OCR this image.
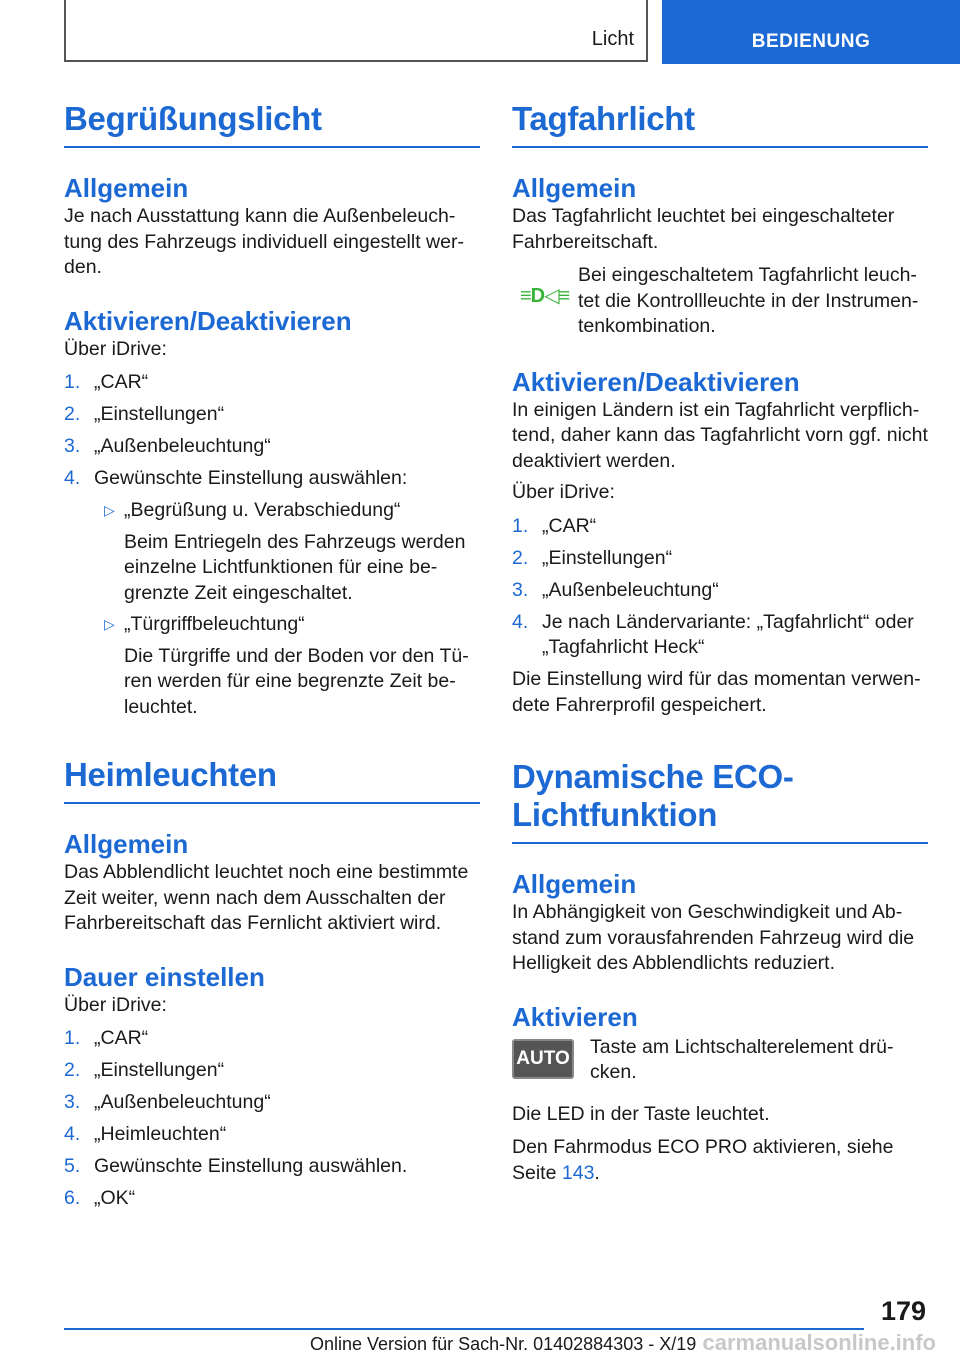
Licht	BEDIENUNG
Begrüßungslicht
Allgemein

Je nach Ausstattung kann die Außenbeleuch-tung des Fahrzeugs individuell eingestellt wer-den.

Aktivieren/Deaktivieren

Über iDrive:

1. „CAR“
2. „Einstellungen“
3. „Außenbeleuchtung“
4. Gewünschte Einstellung auswählen:
▷ „Begrüßung u. Verabschiedung“
Beim Entriegeln des Fahrzeugs werden einzelne Lichtfunktionen für eine be-grenzte Zeit eingeschaltet.
▷ „Türgriffbeleuchtung“
Die Türgriffe und der Boden vor den Tü-ren werden für eine begrenzte Zeit be-leuchtet.
Heimleuchten
Allgemein

Das Abblendlicht leuchtet noch eine bestimmte Zeit weiter, wenn nach dem Ausschalten der Fahrbereitschaft das Fernlicht aktiviert wird.

Dauer einstellen

Über iDrive:

1. „CAR“
2. „Einstellungen“
3. „Außenbeleuchtung“
4. „Heimleuchten“
5. Gewünschte Einstellung auswählen.
6. „OK“
Tagfahrlicht
Allgemein

Das Tagfahrlicht leuchtet bei eingeschalteter Fahrbereitschaft.

≡D◁≡

Bei eingeschaltetem Tagfahrlicht leuch-tet die Kontrollleuchte in der Instrumen-tenkombination.

Aktivieren/Deaktivieren

In einigen Ländern ist ein Tagfahrlicht verpflich-tend, daher kann das Tagfahrlicht vorn ggf. nicht deaktiviert werden.

Über iDrive:

1. „CAR“
2. „Einstellungen“
3. „Außenbeleuchtung“
4. Je nach Ländervariante: „Tagfahrlicht“ oder „Tagfahrlicht Heck“

Die Einstellung wird für das momentan verwen-dete Fahrerprofil gespeichert.

Dynamische ECO-Lichtfunktion
Allgemein

In Abhängigkeit von Geschwindigkeit und Ab-stand zum vorausfahrenden Fahrzeug wird die Helligkeit des Abblendlichts reduziert.

Aktivieren
AUTO

Taste am Lichtschalterelement drü-cken.

Die LED in der Taste leuchtet.

Den Fahrmodus ECO PRO aktivieren, siehe Seite 143.

179
Online Version für Sach-Nr. 01402884303 - X/19 carmanualsonline.info
